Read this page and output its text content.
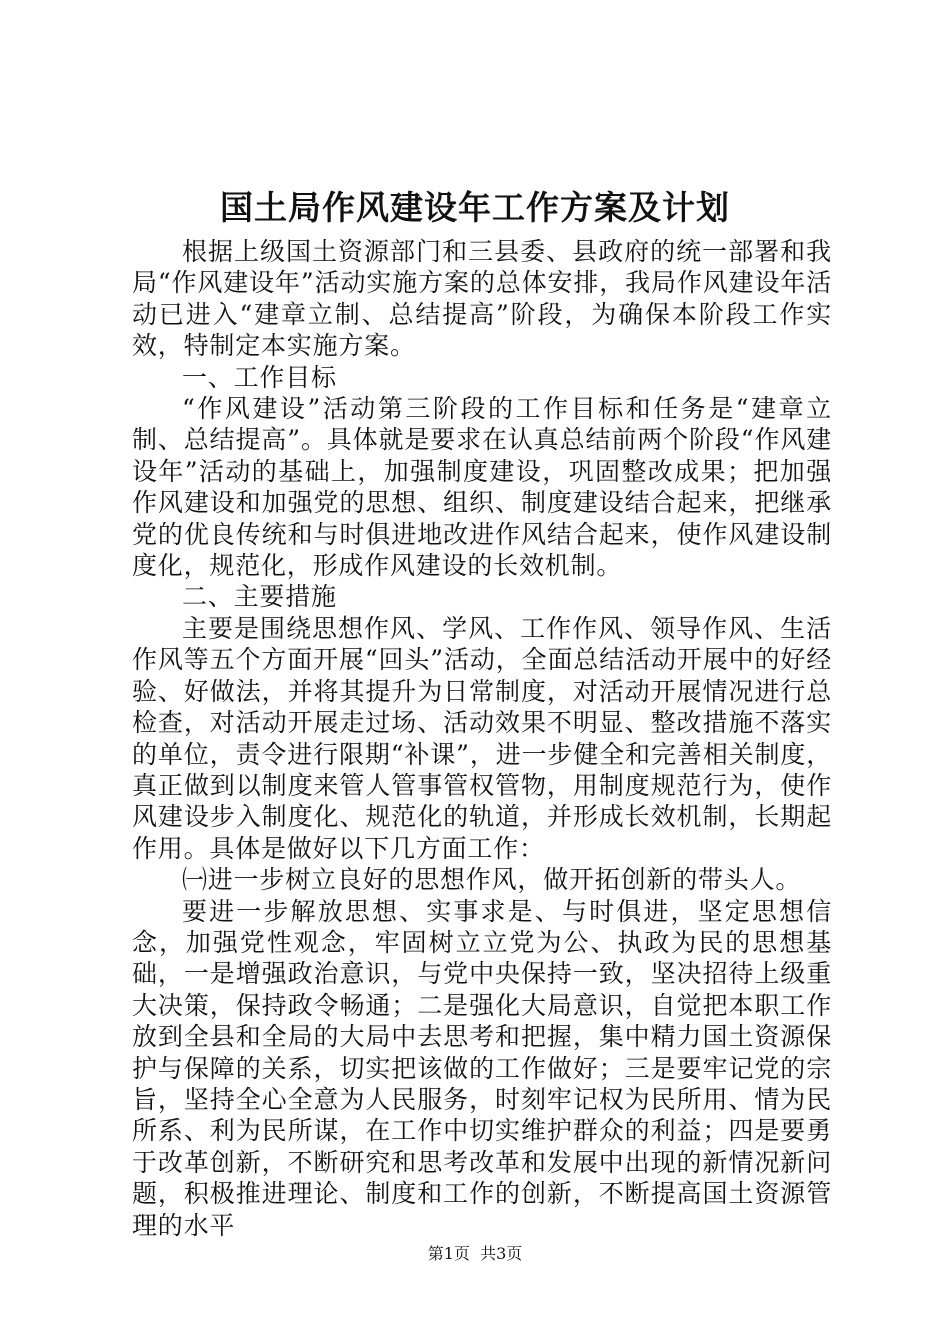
国土局作风建设年工作方案及计划

根据上级国土资源部门和三县委、县政府的统一部署和我局“作风建设年”活动实施方案的总体安排，我局作风建设年活动已进入“建章立制、总结提高”阶段，为确保本阶段工作实效，特制定本实施方案。

一、工作目标

“作风建设”活动第三阶段的工作目标和任务是“建章立制、总结提高”。具体就是要求在认真总结前两个阶段“作风建设年”活动的基础上，加强制度建设，巩固整改成果；把加强作风建设和加强党的思想、组织、制度建设结合起来，把继承党的优良传统和与时俱进地改进作风结合起来，使作风建设制度化，规范化，形成作风建设的长效机制。

二、主要措施

主要是围绕思想作风、学风、工作作风、领导作风、生活作风等五个方面开展“回头”活动，全面总结活动开展中的好经验、好做法，并将其提升为日常制度，对活动开展情况进行总检查，对活动开展走过场、活动效果不明显、整改措施不落实的单位，责令进行限期“补课”，进一步健全和完善相关制度，真正做到以制度来管人管事管权管物，用制度规范行为，使作风建设步入制度化、规范化的轨道，并形成长效机制，长期起作用。具体是做好以下几方面工作：

㈠进一步树立良好的思想作风，做开拓创新的带头人。

要进一步解放思想、实事求是、与时俱进，坚定思想信念，加强党性观念，牢固树立立党为公、执政为民的思想基础，一是增强政治意识，与党中央保持一致，坚决招待上级重大决策，保持政令畅通；二是强化大局意识，自觉把本职工作放到全县和全局的大局中去思考和把握，集中精力国土资源保护与保障的关系，切实把该做的工作做好；三是要牢记党的宗旨，坚持全心全意为人民服务，时刻牢记权为民所用、情为民所系、利为民所谋，在工作中切实维护群众的利益；四是要勇于改革创新，不断研究和思考改革和发展中出现的新情况新问题，积极推进理论、制度和工作的创新，不断提高国土资源管理的水平

第1页 共3页
